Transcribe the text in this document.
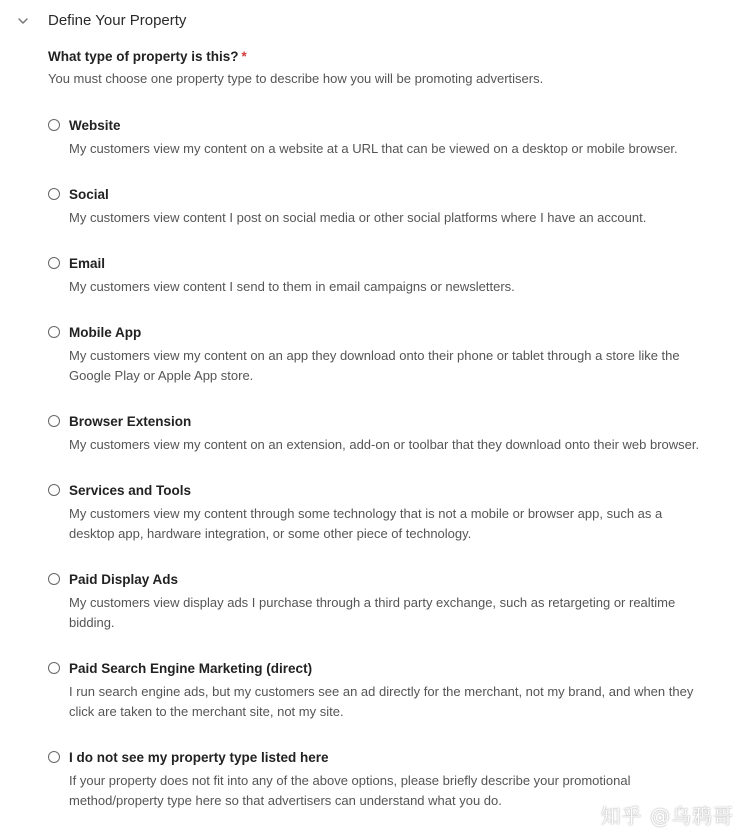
Define Your Property
What type of property is this? *
You must choose one property type to describe how you will be promoting advertisers.
Website
My customers view my content on a website at a URL that can be viewed on a desktop or mobile browser.
Social
My customers view content I post on social media or other social platforms where I have an account.
Email
My customers view content I send to them in email campaigns or newsletters.
Mobile App
My customers view my content on an app they download onto their phone or tablet through a store like the Google Play or Apple App store.
Browser Extension
My customers view my content on an extension, add-on or toolbar that they download onto their web browser.
Services and Tools
My customers view my content through some technology that is not a mobile or browser app, such as a desktop app, hardware integration, or some other piece of technology.
Paid Display Ads
My customers view display ads I purchase through a third party exchange, such as retargeting or realtime bidding.
Paid Search Engine Marketing (direct)
I run search engine ads, but my customers see an ad directly for the merchant, not my brand, and when they click are taken to the merchant site, not my site.
I do not see my property type listed here
If your property does not fit into any of the above options, please briefly describe your promotional method/property type here so that advertisers can understand what you do.
知乎 @乌鸦哥
